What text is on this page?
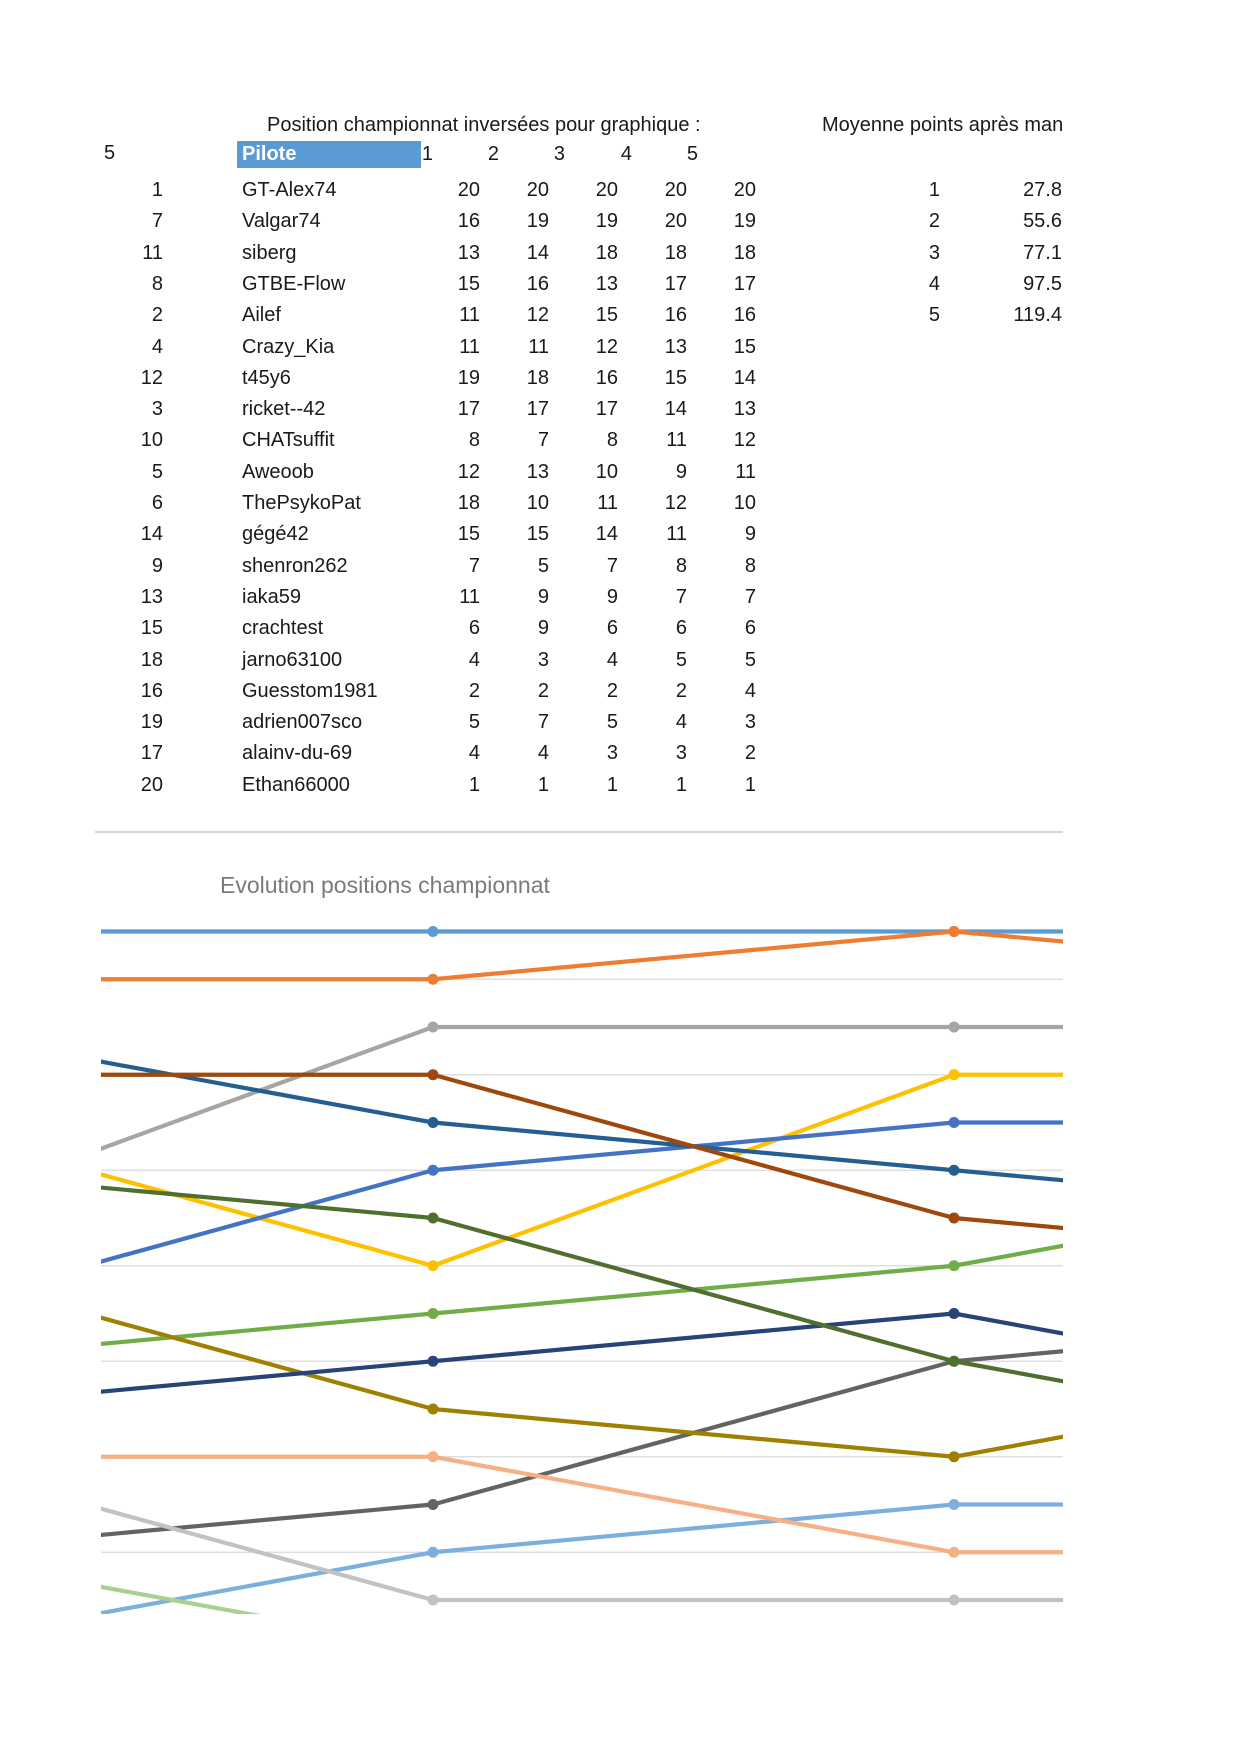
Position championnat inversées pour graphique :	Moyenne points après man
5	Pilote	1	2	3	4	5
1	GT-Alex74	20	20	20	20	20
7	Valgar74	16	19	19	20	19
11	siberg	13	14	18	18	18
8	GTBE-Flow	15	16	13	17	17
2	Ailef	11	12	15	16	16
4	Crazy_Kia	11	11	12	13	15
12	t45y6	19	18	16	15	14
3	ricket--42	17	17	17	14	13
10	CHATsuffit	8	7	8	11	12
5	Aweoob	12	13	10	9	11
6	ThePsykoPat	18	10	11	12	10
14	gégé42	15	15	14	11	9
9	shenron262	7	5	7	8	8
13	iaka59	11	9	9	7	7
15	crachtest	6	9	6	6	6
18	jarno63100	4	3	4	5	5
16	Guesstom1981	2	2	2	2	4
19	adrien007sco	5	7	5	4	3
17	alainv-du-69	4	4	3	3	2
20	Ethan66000	1	1	1	1	1
1	27.8
2	55.6
3	77.1
4	97.5
5	119.4
Evolution positions championnat
